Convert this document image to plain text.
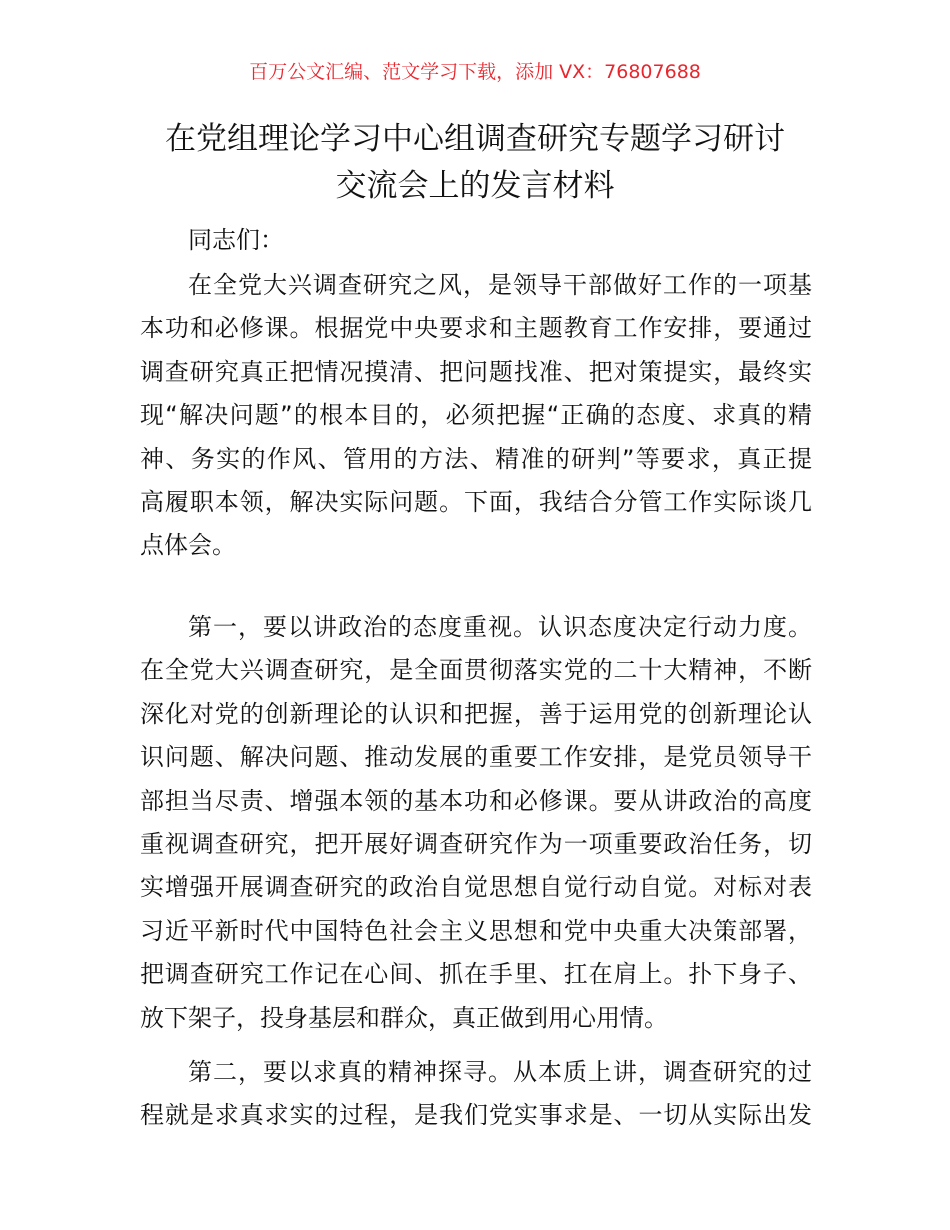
百万公文汇编、范文学习下载，添加 VX：76807688
在党组理论学习中心组调查研究专题学习研讨
交流会上的发言材料
同志们：
在全党大兴调查研究之风，是领导干部做好工作的一项基
本功和必修课。根据党中央要求和主题教育工作安排，要通过
调查研究真正把情况摸清、把问题找准、把对策提实，最终实
现“解决问题”的根本目的，必须把握“正确的态度、求真的精
神、务实的作风、管用的方法、精准的研判”等要求，真正提
高履职本领，解决实际问题。下面，我结合分管工作实际谈几
点体会。
第一，要以讲政治的态度重视。认识态度决定行动力度。
在全党大兴调查研究，是全面贯彻落实党的二十大精神，不断
深化对党的创新理论的认识和把握，善于运用党的创新理论认
识问题、解决问题、推动发展的重要工作安排，是党员领导干
部担当尽责、增强本领的基本功和必修课。要从讲政治的高度
重视调查研究，把开展好调查研究作为一项重要政治任务，切
实增强开展调查研究的政治自觉思想自觉行动自觉。对标对表
习近平新时代中国特色社会主义思想和党中央重大决策部署，
把调查研究工作记在心间、抓在手里、扛在肩上。扑下身子、
放下架子，投身基层和群众，真正做到用心用情。
第二，要以求真的精神探寻。从本质上讲，调查研究的过
程就是求真求实的过程，是我们党实事求是、一切从实际出发
